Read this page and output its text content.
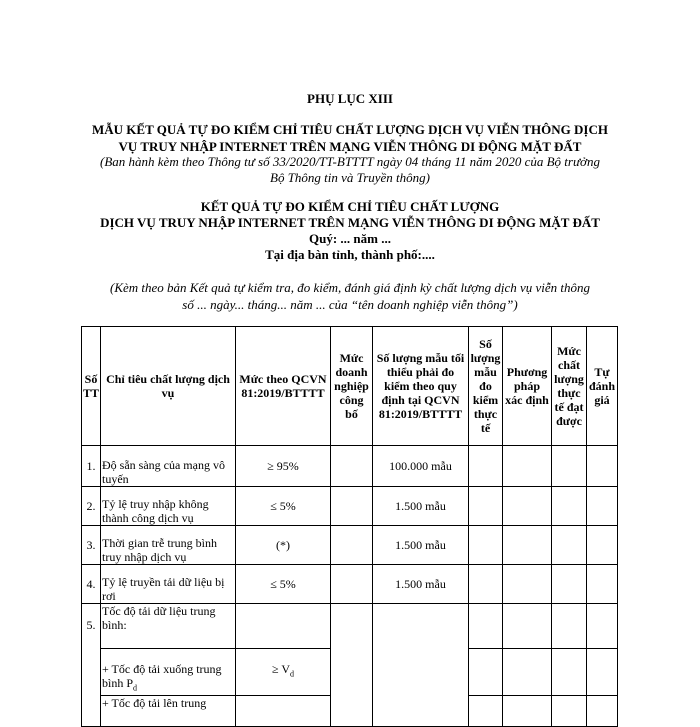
PHỤ LỤC XIII
MẪU KẾT QUẢ TỰ ĐO KIỂM CHỈ TIÊU CHẤT LƯỢNG DỊCH VỤ VIỄN THÔNG DỊCH
VỤ TRUY NHẬP INTERNET TRÊN MẠNG VIỄN THÔNG DI ĐỘNG MẶT ĐẤT
(Ban hành kèm theo Thông tư số 33/2020/TT-BTTTT ngày 04 tháng 11 năm 2020 của Bộ trưởng
Bộ Thông tin và Truyền thông)
KẾT QUẢ TỰ ĐO KIỂM CHỈ TIÊU CHẤT LƯỢNG
DỊCH VỤ TRUY NHẬP INTERNET TRÊN MẠNG VIỄN THÔNG DI ĐỘNG MẶT ĐẤT
Quý: ... năm ...
Tại địa bàn tỉnh, thành phố:....
(Kèm theo bản Kết quả tự kiểm tra, đo kiểm, đánh giá định kỳ chất lượng dịch vụ viễn thông
số ... ngày... tháng... năm ... của “tên doanh nghiệp viễn thông”)
Số TT	Chỉ tiêu chất lượng dịch vụ	Mức theo QCVN 81:2019/BTTTT	Mức doanh nghiệp công bố	Số lượng mẫu tối thiểu phải đo kiểm theo quy định tại QCVN 81:2019/BTTTT	Số lượng mẫu đo kiểm thực tế	Phương pháp xác định	Mức chất lượng thực tế đạt được	Tự đánh giá
1.	Độ sẵn sàng của mạng vô tuyến	≥ 95%		100.000 mẫu				
2.	Tỷ lệ truy nhập không thành công dịch vụ	≤ 5%		1.500 mẫu				
3.	Thời gian trễ trung bình truy nhập dịch vụ	(*)		1.500 mẫu				
4.	Tỷ lệ truyền tải dữ liệu bị rơi	≤ 5%		1.500 mẫu				
5.	Tốc độ tải dữ liệu trung bình:							
	+ Tốc độ tải xuống trung bình $P_d$	≥ $V_d$				
	+ Tốc độ tải lên trung							
